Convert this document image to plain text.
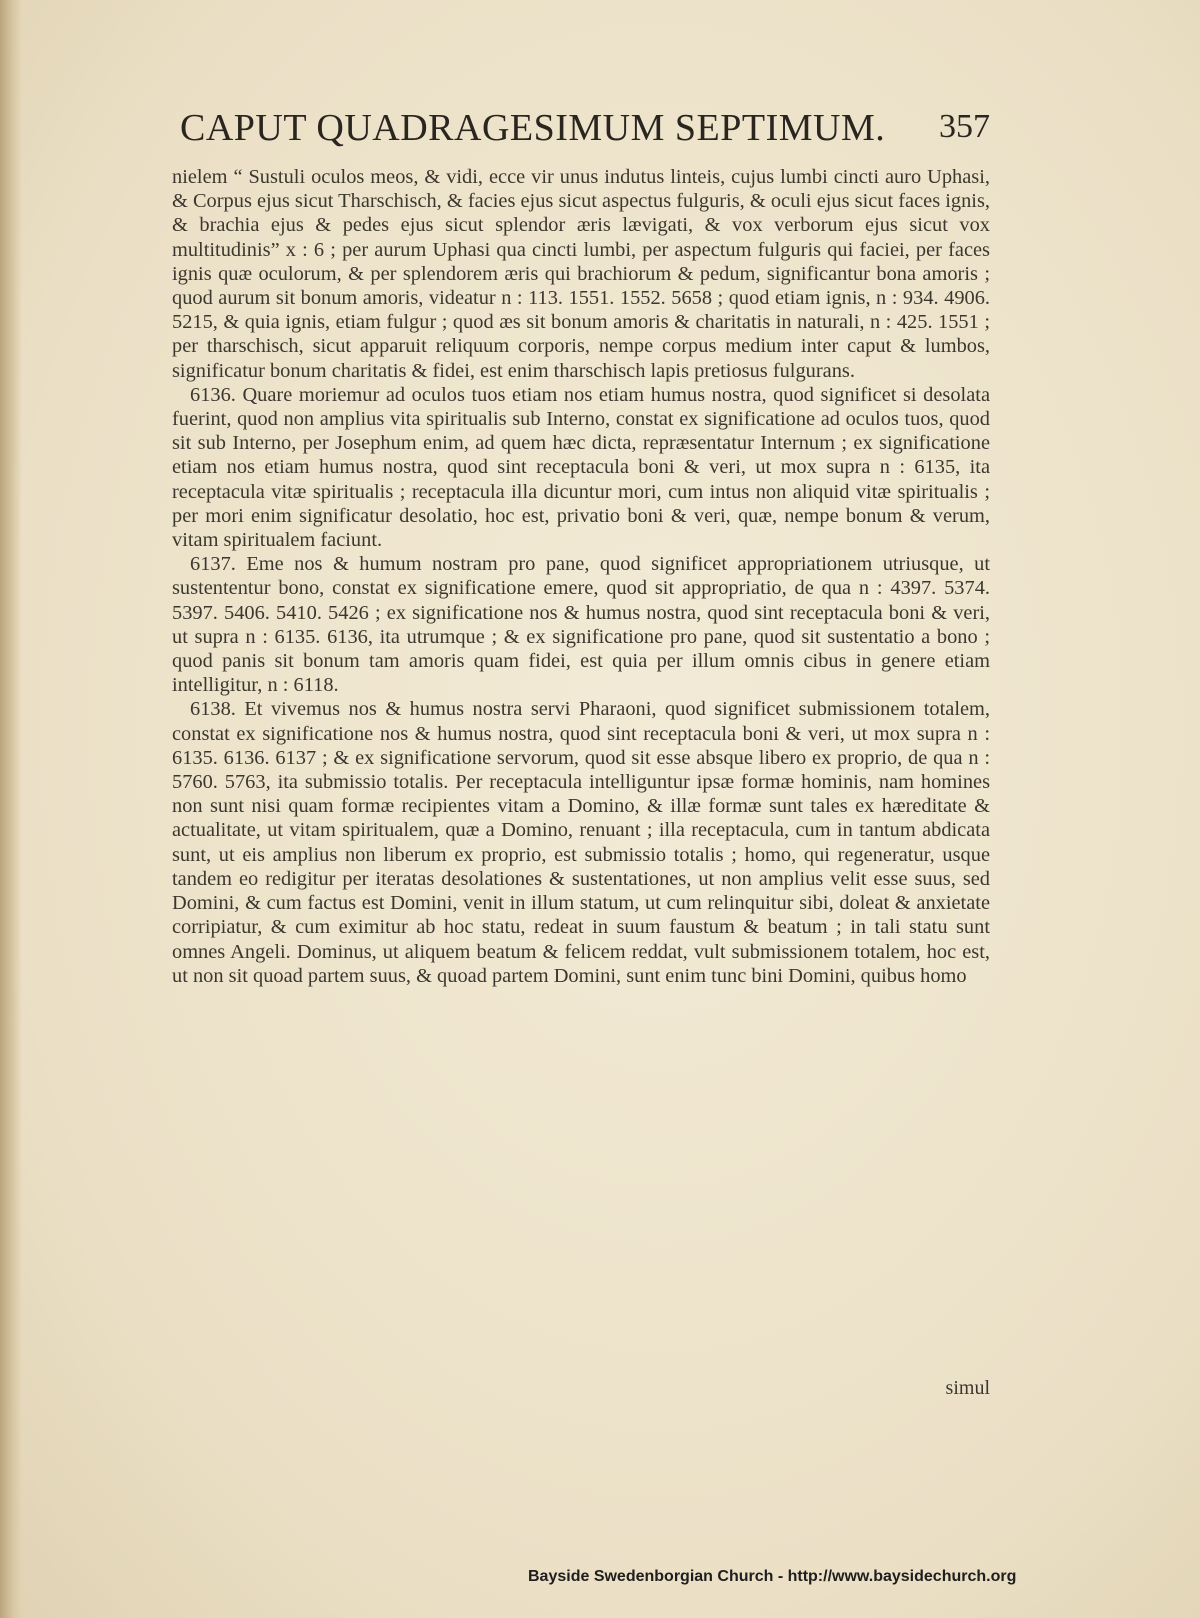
CAPUT QUADRAGESIMUM SEPTIMUM. 357

nielem “ Sustuli oculos meos, & vidi, ecce vir unus indutus linteis, cujus lumbi cincti auro Uphasi, & Corpus ejus sicut Tharschisch, & facies ejus sicut aspectus fulguris, & oculi ejus sicut faces ignis, & brachia ejus & pedes ejus sicut splendor æris lævigati, & vox verborum ejus sicut vox multitudinis” x : 6 ; per aurum Uphasi qua cincti lumbi, per aspectum fulguris qui faciei, per faces ignis quæ oculorum, & per splendorem æris qui brachiorum & pedum, significantur bona amoris ; quod aurum sit bonum amoris, videatur n : 113. 1551. 1552. 5658 ; quod etiam ignis, n : 934. 4906. 5215, & quia ignis, etiam fulgur ; quod æs sit bonum amoris & charitatis in naturali, n : 425. 1551 ; per tharschisch, sicut apparuit reliquum corporis, nempe corpus medium inter caput & lumbos, significatur bonum charitatis & fidei, est enim tharschisch lapis pretiosus fulgurans.

6136. Quare moriemur ad oculos tuos etiam nos etiam humus nostra, quod significet si desolata fuerint, quod non amplius vita spiritualis sub Interno, constat ex significatione ad oculos tuos, quod sit sub Interno, per Josephum enim, ad quem hæc dicta, repræsentatur Internum ; ex significatione etiam nos etiam humus nostra, quod sint receptacula boni & veri, ut mox supra n : 6135, ita receptacula vitæ spiritualis ; receptacula illa dicuntur mori, cum intus non aliquid vitæ spiritualis ; per mori enim significatur desolatio, hoc est, privatio boni & veri, quæ, nempe bonum & verum, vitam spiritualem faciunt.

6137. Eme nos & humum nostram pro pane, quod significet appropriationem utriusque, ut sustententur bono, constat ex significatione emere, quod sit appropriatio, de qua n : 4397. 5374. 5397. 5406. 5410. 5426 ; ex significatione nos & humus nostra, quod sint receptacula boni & veri, ut supra n : 6135. 6136, ita utrumque ; & ex significatione pro pane, quod sit sustentatio a bono ; quod panis sit bonum tam amoris quam fidei, est quia per illum omnis cibus in genere etiam intelligitur, n : 6118.

6138. Et vivemus nos & humus nostra servi Pharaoni, quod significet submissionem totalem, constat ex significatione nos & humus nostra, quod sint receptacula boni & veri, ut mox supra n : 6135. 6136. 6137 ; & ex significatione servorum, quod sit esse absque libero ex proprio, de qua n : 5760. 5763, ita submissio totalis. Per receptacula intelliguntur ipsæ formæ hominis, nam homines non sunt nisi quam formæ recipientes vitam a Domino, & illæ formæ sunt tales ex hæreditate & actualitate, ut vitam spiritualem, quæ a Domino, renuant ; illa receptacula, cum in tantum abdicata sunt, ut eis amplius non liberum ex proprio, est submissio totalis ; homo, qui regeneratur, usque tandem eo redigitur per iteratas desolationes & sustentationes, ut non amplius velit esse suus, sed Domini, & cum factus est Domini, venit in illum statum, ut cum relinquitur sibi, doleat & anxietate corripiatur, & cum eximitur ab hoc statu, redeat in suum faustum & beatum ; in tali statu sunt omnes Angeli. Dominus, ut aliquem beatum & felicem reddat, vult submissionem totalem, hoc est, ut non sit quoad partem suus, & quoad partem Domini, sunt enim tunc bini Domini, quibus homo

simul
Bayside Swedenborgian Church - http://www.baysidechurch.org
